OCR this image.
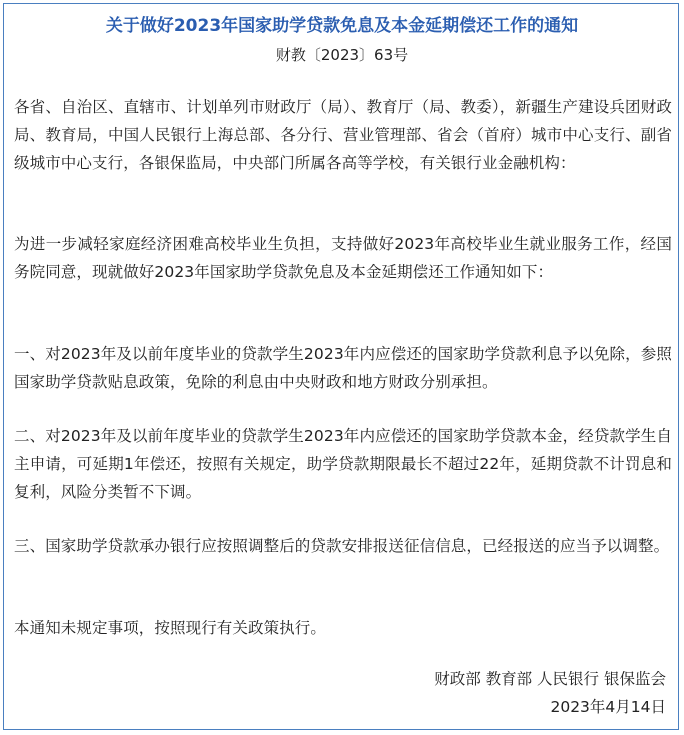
关于做好2023年国家助学贷款免息及本金延期偿还工作的通知
财教〔2023〕63号
各省、自治区、直辖市、计划单列市财政厅（局）、教育厅（局、教委），新疆生产建设兵团财政局、教育局，中国人民银行上海总部、各分行、营业管理部、省会（首府）城市中心支行、副省级城市中心支行，各银保监局，中央部门所属各高等学校，有关银行业金融机构：
为进一步减轻家庭经济困难高校毕业生负担，支持做好2023年高校毕业生就业服务工作，经国务院同意，现就做好2023年国家助学贷款免息及本金延期偿还工作通知如下：
一、对2023年及以前年度毕业的贷款学生2023年内应偿还的国家助学贷款利息予以免除，参照国家助学贷款贴息政策，免除的利息由中央财政和地方财政分别承担。
二、对2023年及以前年度毕业的贷款学生2023年内应偿还的国家助学贷款本金，经贷款学生自主申请，可延期1年偿还，按照有关规定，助学贷款期限最长不超过22年，延期贷款不计罚息和复利，风险分类暂不下调。
三、国家助学贷款承办银行应按照调整后的贷款安排报送征信信息，已经报送的应当予以调整。
本通知未规定事项，按照现行有关政策执行。
财政部 教育部 人民银行 银保监会
2023年4月14日
